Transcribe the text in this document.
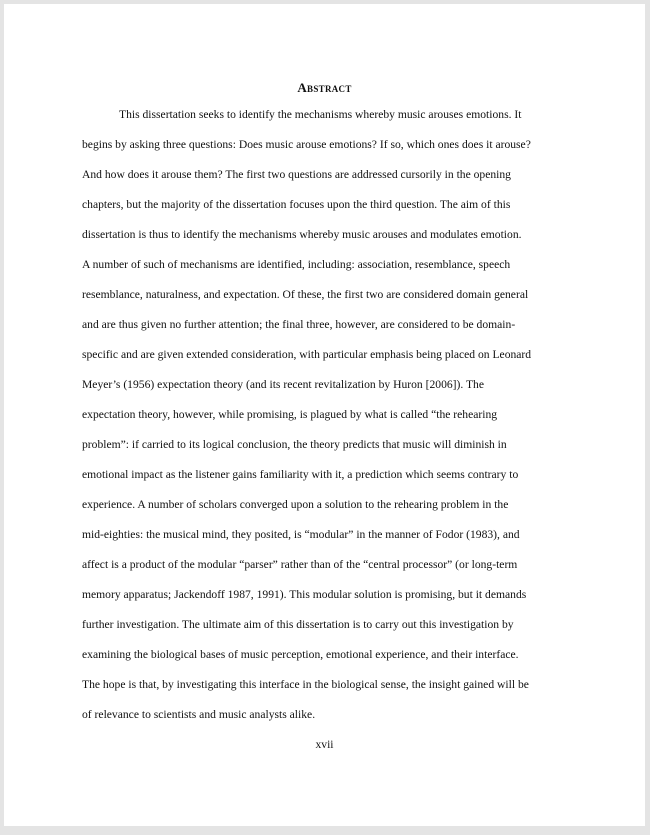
Abstract

This dissertation seeks to identify the mechanisms whereby music arouses emotions. It
begins by asking three questions: Does music arouse emotions? If so, which ones does it arouse?
And how does it arouse them? The first two questions are addressed cursorily in the opening
chapters, but the majority of the dissertation focuses upon the third question. The aim of this
dissertation is thus to identify the mechanisms whereby music arouses and modulates emotion.
A number of such of mechanisms are identified, including: association, resemblance, speech
resemblance, naturalness, and expectation. Of these, the first two are considered domain general
and are thus given no further attention; the final three, however, are considered to be domain-
specific and are given extended consideration, with particular emphasis being placed on Leonard
Meyer’s (1956) expectation theory (and its recent revitalization by Huron [2006]). The
expectation theory, however, while promising, is plagued by what is called “the rehearing
problem”: if carried to its logical conclusion, the theory predicts that music will diminish in
emotional impact as the listener gains familiarity with it, a prediction which seems contrary to
experience. A number of scholars converged upon a solution to the rehearing problem in the
mid-eighties: the musical mind, they posited, is “modular” in the manner of Fodor (1983), and
affect is a product of the modular “parser” rather than of the “central processor” (or long-term
memory apparatus; Jackendoff 1987, 1991). This modular solution is promising, but it demands
further investigation. The ultimate aim of this dissertation is to carry out this investigation by
examining the biological bases of music perception, emotional experience, and their interface.
The hope is that, by investigating this interface in the biological sense, the insight gained will be
of relevance to scientists and music analysts alike.

xvii
